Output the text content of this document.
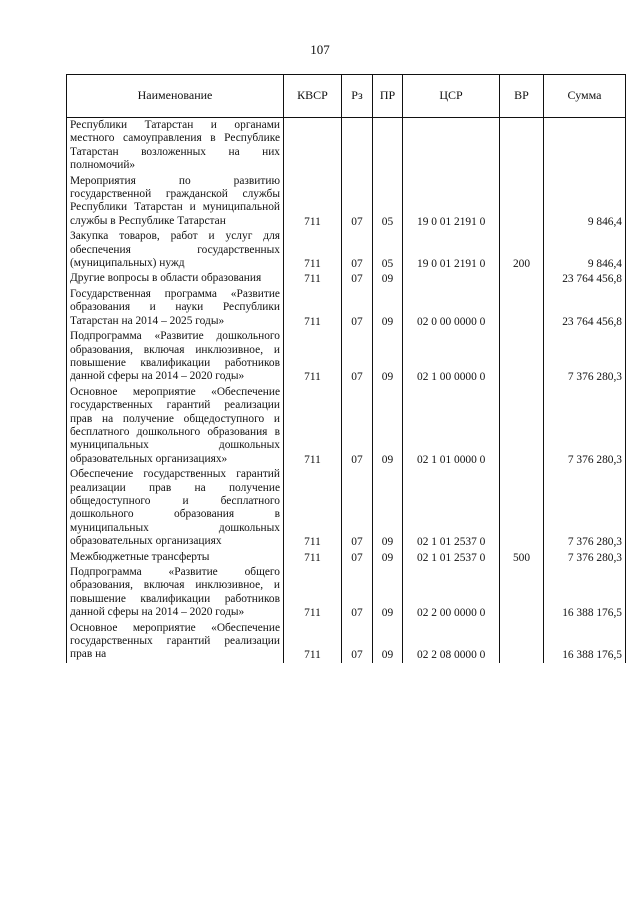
107
Наименование	КВСР	Рз	ПР	ЦСР	ВР	Сумма
Республики Татарстан и органами местного самоуправления в Республике Татарстан возложенных на них полномочий»						
Мероприятия по развитию государственной гражданской службы Республики Татарстан и муниципальной службы в Республике Татарстан	711	07	05	19 0 01 2191 0		9 846,4
Закупка товаров, работ и услуг для обеспечения государственных (муниципальных) нужд	711	07	05	19 0 01 2191 0	200	9 846,4
Другие вопросы в области образования	711	07	09			23 764 456,8
Государственная программа «Развитие образования и науки Республики Татарстан на 2014 – 2025 годы»	711	07	09	02 0 00 0000 0		23 764 456,8
Подпрограмма «Развитие дошкольного образования, включая инклюзивное, и повышение квалификации работников данной сферы на 2014 – 2020 годы»	711	07	09	02 1 00 0000 0		7 376 280,3
Основное мероприятие «Обеспечение государственных гарантий реализации прав на получение общедоступного и бесплатного дошкольного образования в муниципальных дошкольных образовательных организациях»	711	07	09	02 1 01 0000 0		7 376 280,3
Обеспечение государственных гарантий реализации прав на получение общедоступного и бесплатного дошкольного образования в муниципальных дошкольных образовательных организациях	711	07	09	02 1 01 2537 0		7 376 280,3
Межбюджетные трансферты	711	07	09	02 1 01 2537 0	500	7 376 280,3
Подпрограмма «Развитие общего образования, включая инклюзивное, и повышение квалификации работников данной сферы на 2014 – 2020 годы»	711	07	09	02 2 00 0000 0		16 388 176,5
Основное мероприятие «Обеспечение государственных гарантий реализации прав на	711	07	09	02 2 08 0000 0		16 388 176,5
